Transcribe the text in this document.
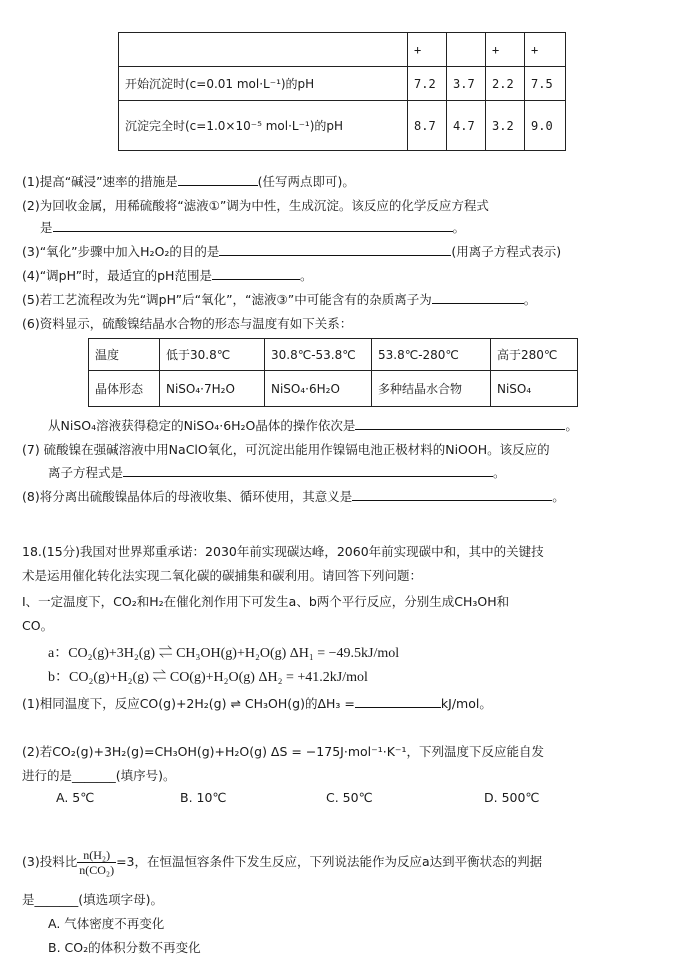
	+		+	+
开始沉淀时(c=0.01 mol·L⁻¹)的pH	7.2	3.7	2.2	7.5
沉淀完全时(c=1.0×10⁻⁵ mol·L⁻¹)的pH	8.7	4.7	3.2	9.0
(1)提高“碱浸”速率的措施是	(任写两点即可)。
(2)为回收金属，用稀硫酸将“滤液①”调为中性，生成沉淀。该反应的化学反应方程式
是	。
(3)“氧化”步骤中加入H₂O₂的目的是	(用离子方程式表示)
(4)“调pH”时，最适宜的pH范围是	。
(5)若工艺流程改为先“调pH”后“氧化”，“滤液③”中可能含有的杂质离子为	。
(6)资料显示，硫酸镍结晶水合物的形态与温度有如下关系：
温度	低于30.8℃	30.8℃-53.8℃	53.8℃-280℃	高于280℃
晶体形态	NiSO₄·7H₂O	NiSO₄·6H₂O	多种结晶水合物	NiSO₄
从NiSO₄溶液获得稳定的NiSO₄·6H₂O晶体的操作依次是	。
(7) 硫酸镍在强碱溶液中用NaClO氧化，可沉淀出能用作镍镉电池正极材料的NiOOH。该反应的
离子方程式是	。
(8)将分离出硫酸镍晶体后的母液收集、循环使用，其意义是	。
18.(15分)我国对世界郑重承诺：2030年前实现碳达峰，2060年前实现碳中和，其中的关键技
术是运用催化转化法实现二氧化碳的碳捕集和碳利用。请回答下列问题：
Ⅰ、一定温度下，CO₂和H₂在催化剂作用下可发生a、b两个平行反应，分别生成CH₃OH和
CO。
a：CO₂(g)+3H₂(g) ⇌ CH₃OH(g)+H₂O(g) ΔH₁ = −49.5kJ/mol
b：CO₂(g)+H₂(g) ⇌ CO(g)+H₂O(g) ΔH₂ = +41.2kJ/mol
(1)相同温度下，反应CO(g)+2H₂(g) ⇌ CH₃OH(g)的ΔH₃ =	kJ/mol。
(2)若CO₂(g)+3H₂(g)=CH₃OH(g)+H₂O(g) ΔS = −175J·mol⁻¹·K⁻¹，下列温度下反应能自发
进行的是_______(填序号)。
A. 5℃	B. 10℃	C. 50℃	D. 500℃
(3)投料比 $\frac{\text{n(H₂)}}{\text{n(CO₂)}} =3$，在恒温恒容条件下发生反应，下列说法能作为反应a达到平衡状态的判据
是_______(填选项字母)。
A. 气体密度不再变化
B. CO₂的体积分数不再变化
